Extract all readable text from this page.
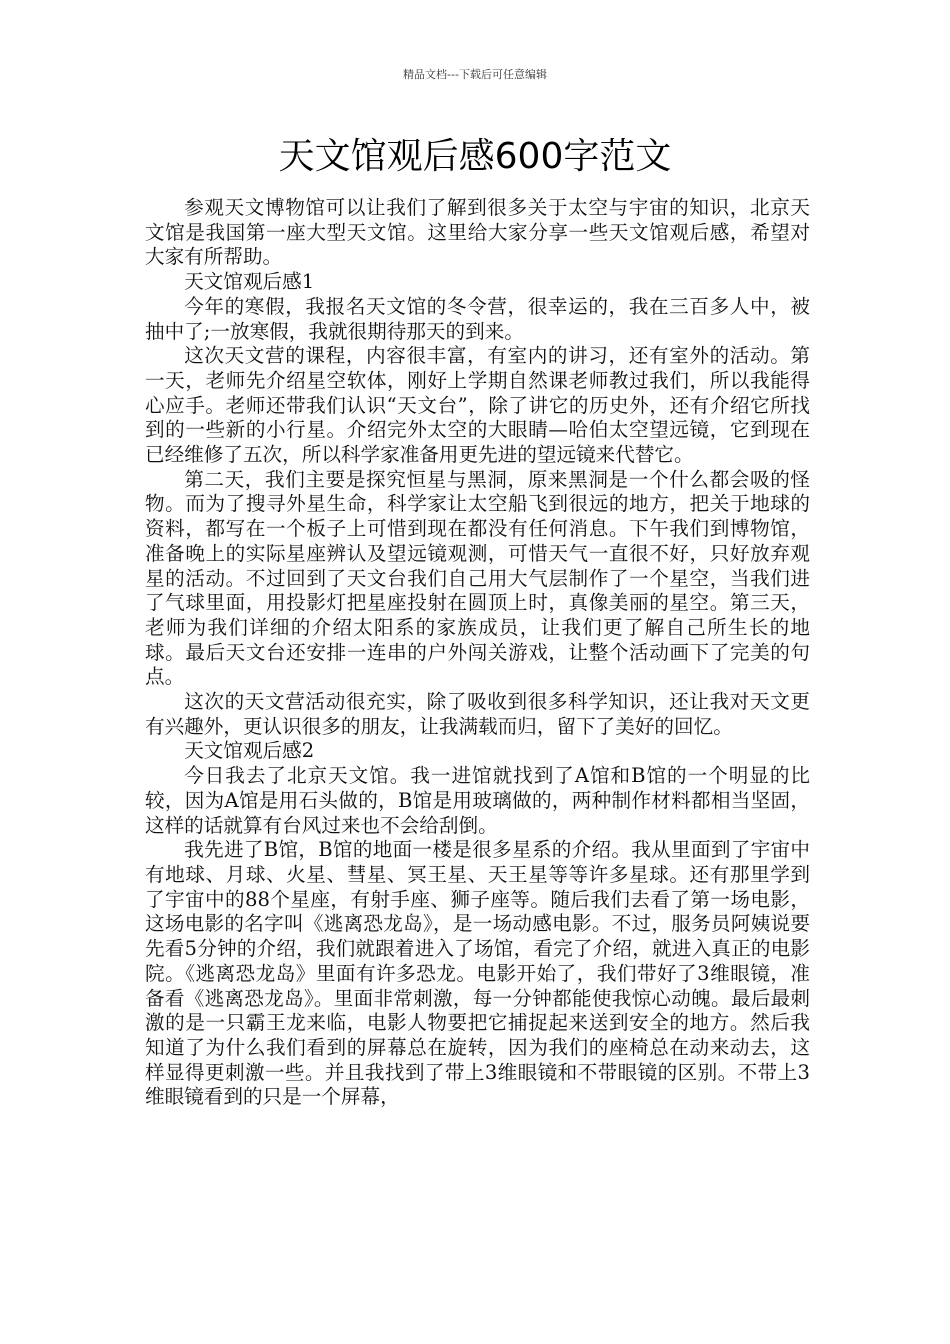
精品文档---下载后可任意编辑
天文馆观后感600字范文

参观天文博物馆可以让我们了解到很多关于太空与宇宙的知识，北京天文馆是我国第一座大型天文馆。这里给大家分享一些天文馆观后感，希望对大家有所帮助。

天文馆观后感1

今年的寒假，我报名天文馆的冬令营，很幸运的，我在三百多人中，被抽中了;一放寒假，我就很期待那天的到来。

这次天文营的课程，内容很丰富，有室内的讲习，还有室外的活动。第一天，老师先介绍星空软体，刚好上学期自然课老师教过我们，所以我能得心应手。老师还带我们认识“天文台”，除了讲它的历史外，还有介绍它所找到的一些新的小行星。介绍完外太空的大眼睛—哈伯太空望远镜，它到现在已经维修了五次，所以科学家准备用更先进的望远镜来代替它。

第二天，我们主要是探究恒星与黑洞，原来黑洞是一个什么都会吸的怪物。而为了搜寻外星生命，科学家让太空船飞到很远的地方，把关于地球的资料，都写在一个板子上可惜到现在都没有任何消息。下午我们到博物馆，准备晚上的实际星座辨认及望远镜观测，可惜天气一直很不好，只好放弃观星的活动。不过回到了天文台我们自己用大气层制作了一个星空，当我们进了气球里面，用投影灯把星座投射在圆顶上时，真像美丽的星空。第三天，老师为我们详细的介绍太阳系的家族成员，让我们更了解自己所生长的地球。最后天文台还安排一连串的户外闯关游戏，让整个活动画下了完美的句点。

这次的天文营活动很充实，除了吸收到很多科学知识，还让我对天文更有兴趣外，更认识很多的朋友，让我满载而归，留下了美好的回忆。

天文馆观后感2

今日我去了北京天文馆。我一进馆就找到了A馆和B馆的一个明显的比较，因为A馆是用石头做的，B馆是用玻璃做的，两种制作材料都相当坚固，这样的话就算有台风过来也不会给刮倒。

我先进了B馆，B馆的地面一楼是很多星系的介绍。我从里面到了宇宙中有地球、月球、火星、彗星、冥王星、天王星等等许多星球。还有那里学到了宇宙中的88个星座，有射手座、狮子座等。随后我们去看了第一场电影，这场电影的名字叫《逃离恐龙岛》，是一场动感电影。不过，服务员阿姨说要先看5分钟的介绍，我们就跟着进入了场馆，看完了介绍，就进入真正的电影院。《逃离恐龙岛》里面有许多恐龙。电影开始了，我们带好了3维眼镜，准备看《逃离恐龙岛》。里面非常刺激，每一分钟都能使我惊心动魄。最后最刺激的是一只霸王龙来临，电影人物要把它捕捉起来送到安全的地方。然后我知道了为什么我们看到的屏幕总在旋转，因为我们的座椅总在动来动去，这样显得更刺激一些。并且我找到了带上3维眼镜和不带眼镜的区别。不带上3维眼镜看到的只是一个屏幕，
